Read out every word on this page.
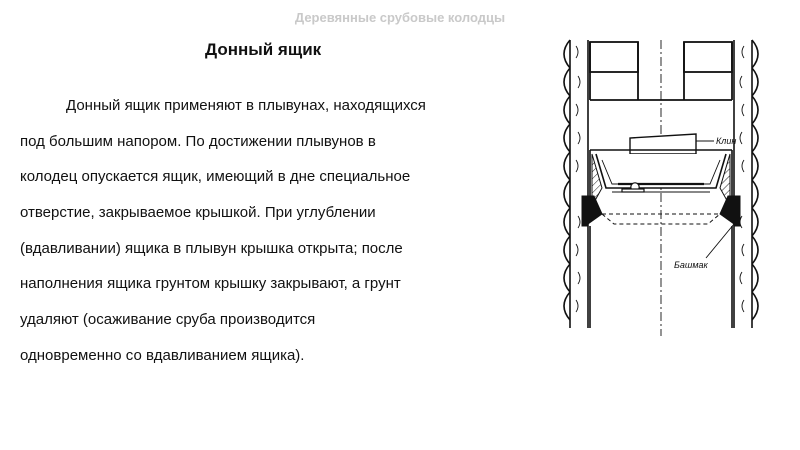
Деревянные срубовые колодцы
Донный ящик
Донный ящик применяют в плывунах, находящихся
под большим напором. По достижении плывунов в
колодец опускается ящик, имеющий в дне специальное
отверстие, закрываемое крышкой. При углублении
(вдавливании) ящика в плывун крышка открыта; после
наполнения ящика грунтом крышку закрывают, а грунт
удаляют (осаживание сруба производится
одновременно со вдавливанием ящика).
Клин
Башмак
